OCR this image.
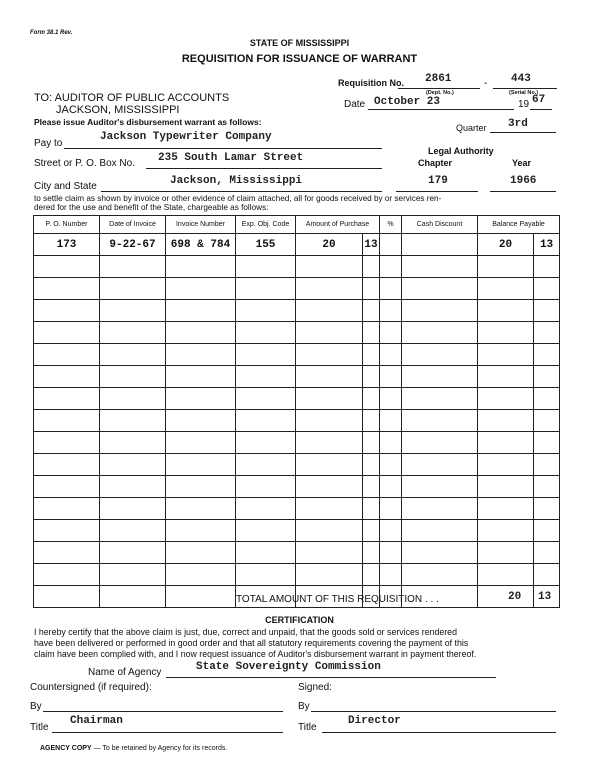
Form 38.1 Rev.
STATE OF MISSISSIPPI
REQUISITION FOR ISSUANCE OF WARRANT
TO: AUDITOR OF PUBLIC ACCOUNTS
JACKSON, MISSISSIPPI
Requisition No. 2861	- 443
(Dept. No.)	(Serial No.)
Date October 23	19 67
Please issue Auditor's disbursement warrant as follows:
Quarter 3rd
Pay to
Jackson Typewriter Company
Legal Authority
Chapter	Year
Street or P. O. Box No. 235 South Lamar Street
City and State	Jackson, Mississippi	179	1966
to settle claim as shown by invoice or other evidence of claim attached, all for goods received by or services ren-
dered for the use and benefit of the State, chargeable as follows:
P. O. Number	Date of Invoice	Invoice Number	Exp. Obj. Code	Amount of Purchase		%	Cash Discount	Balance Payable	
173	9-22-67	698 & 784	155	20	13			20	13

TOTAL AMOUNT OF THIS REQUISITION . . .	20 13
CERTIFICATION
I hereby certify that the above claim is just, due, correct and unpaid, that the goods sold or services rendered
have been delivered or performed in good order and that all statutory requirements covering the payment of this
claim have been complied with, and I now request issuance of Auditor's disbursement warrant in payment thereof.
Name of Agency	State Sovereignty Commission
Countersigned (if required):	Signed:
By	By
Title
Chairman
Title
Director
AGENCY COPY — To be retained by Agency for its records.
